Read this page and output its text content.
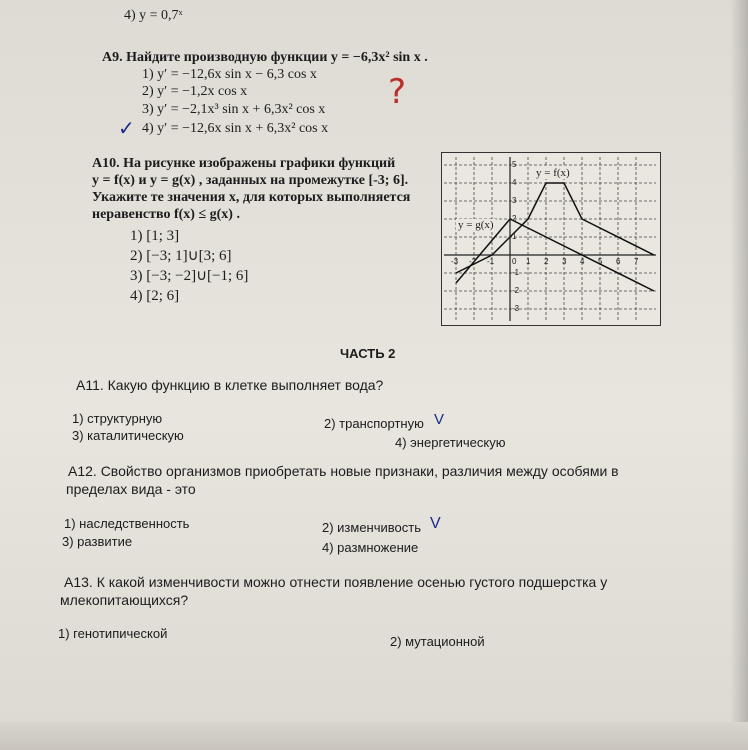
4) y = 0,7ˣ
А9. Найдите производную функции y = −6,3x² sin x .
1) y′ = −12,6x sin x − 6,3 cos x
2) y′ = −1,2x cos x
3) y′ = −2,1x³ sin x + 6,3x² cos x
4) y′ = −12,6x sin x + 6,3x² cos x
✓
?
А10. На рисунке изображены графики функций
y = f(x) и y = g(x) , заданных на промежутке [-3; 6].
Укажите те значения х, для которых выполняется
неравенство f(x) ≤ g(x) .
1) [1; 3]
2) [−3; 1]∪[3; 6]
3) [−3; −2]∪[−1; 6]
4) [2; 6]
y = f(x)
y = g(x)
-3 -2 -1 0 1 2 3 4 5 6 7
5
4
3
2
1
-1
-2
-3
ЧАСТЬ 2
А11. Какую функцию в клетке выполняет вода?
1) структурную	2) транспортную V
3) каталитическую	4) энергетическую
А12. Свойство организмов приобретать новые признаки, различия между особями в
пределах вида - это
1) наследственность	2) изменчивость V
3) развитие	4) размножение
А13. К какой изменчивости можно отнести появление осенью густого подшерстка у
млекопитающихся?
1) генотипической
2) мутационной
